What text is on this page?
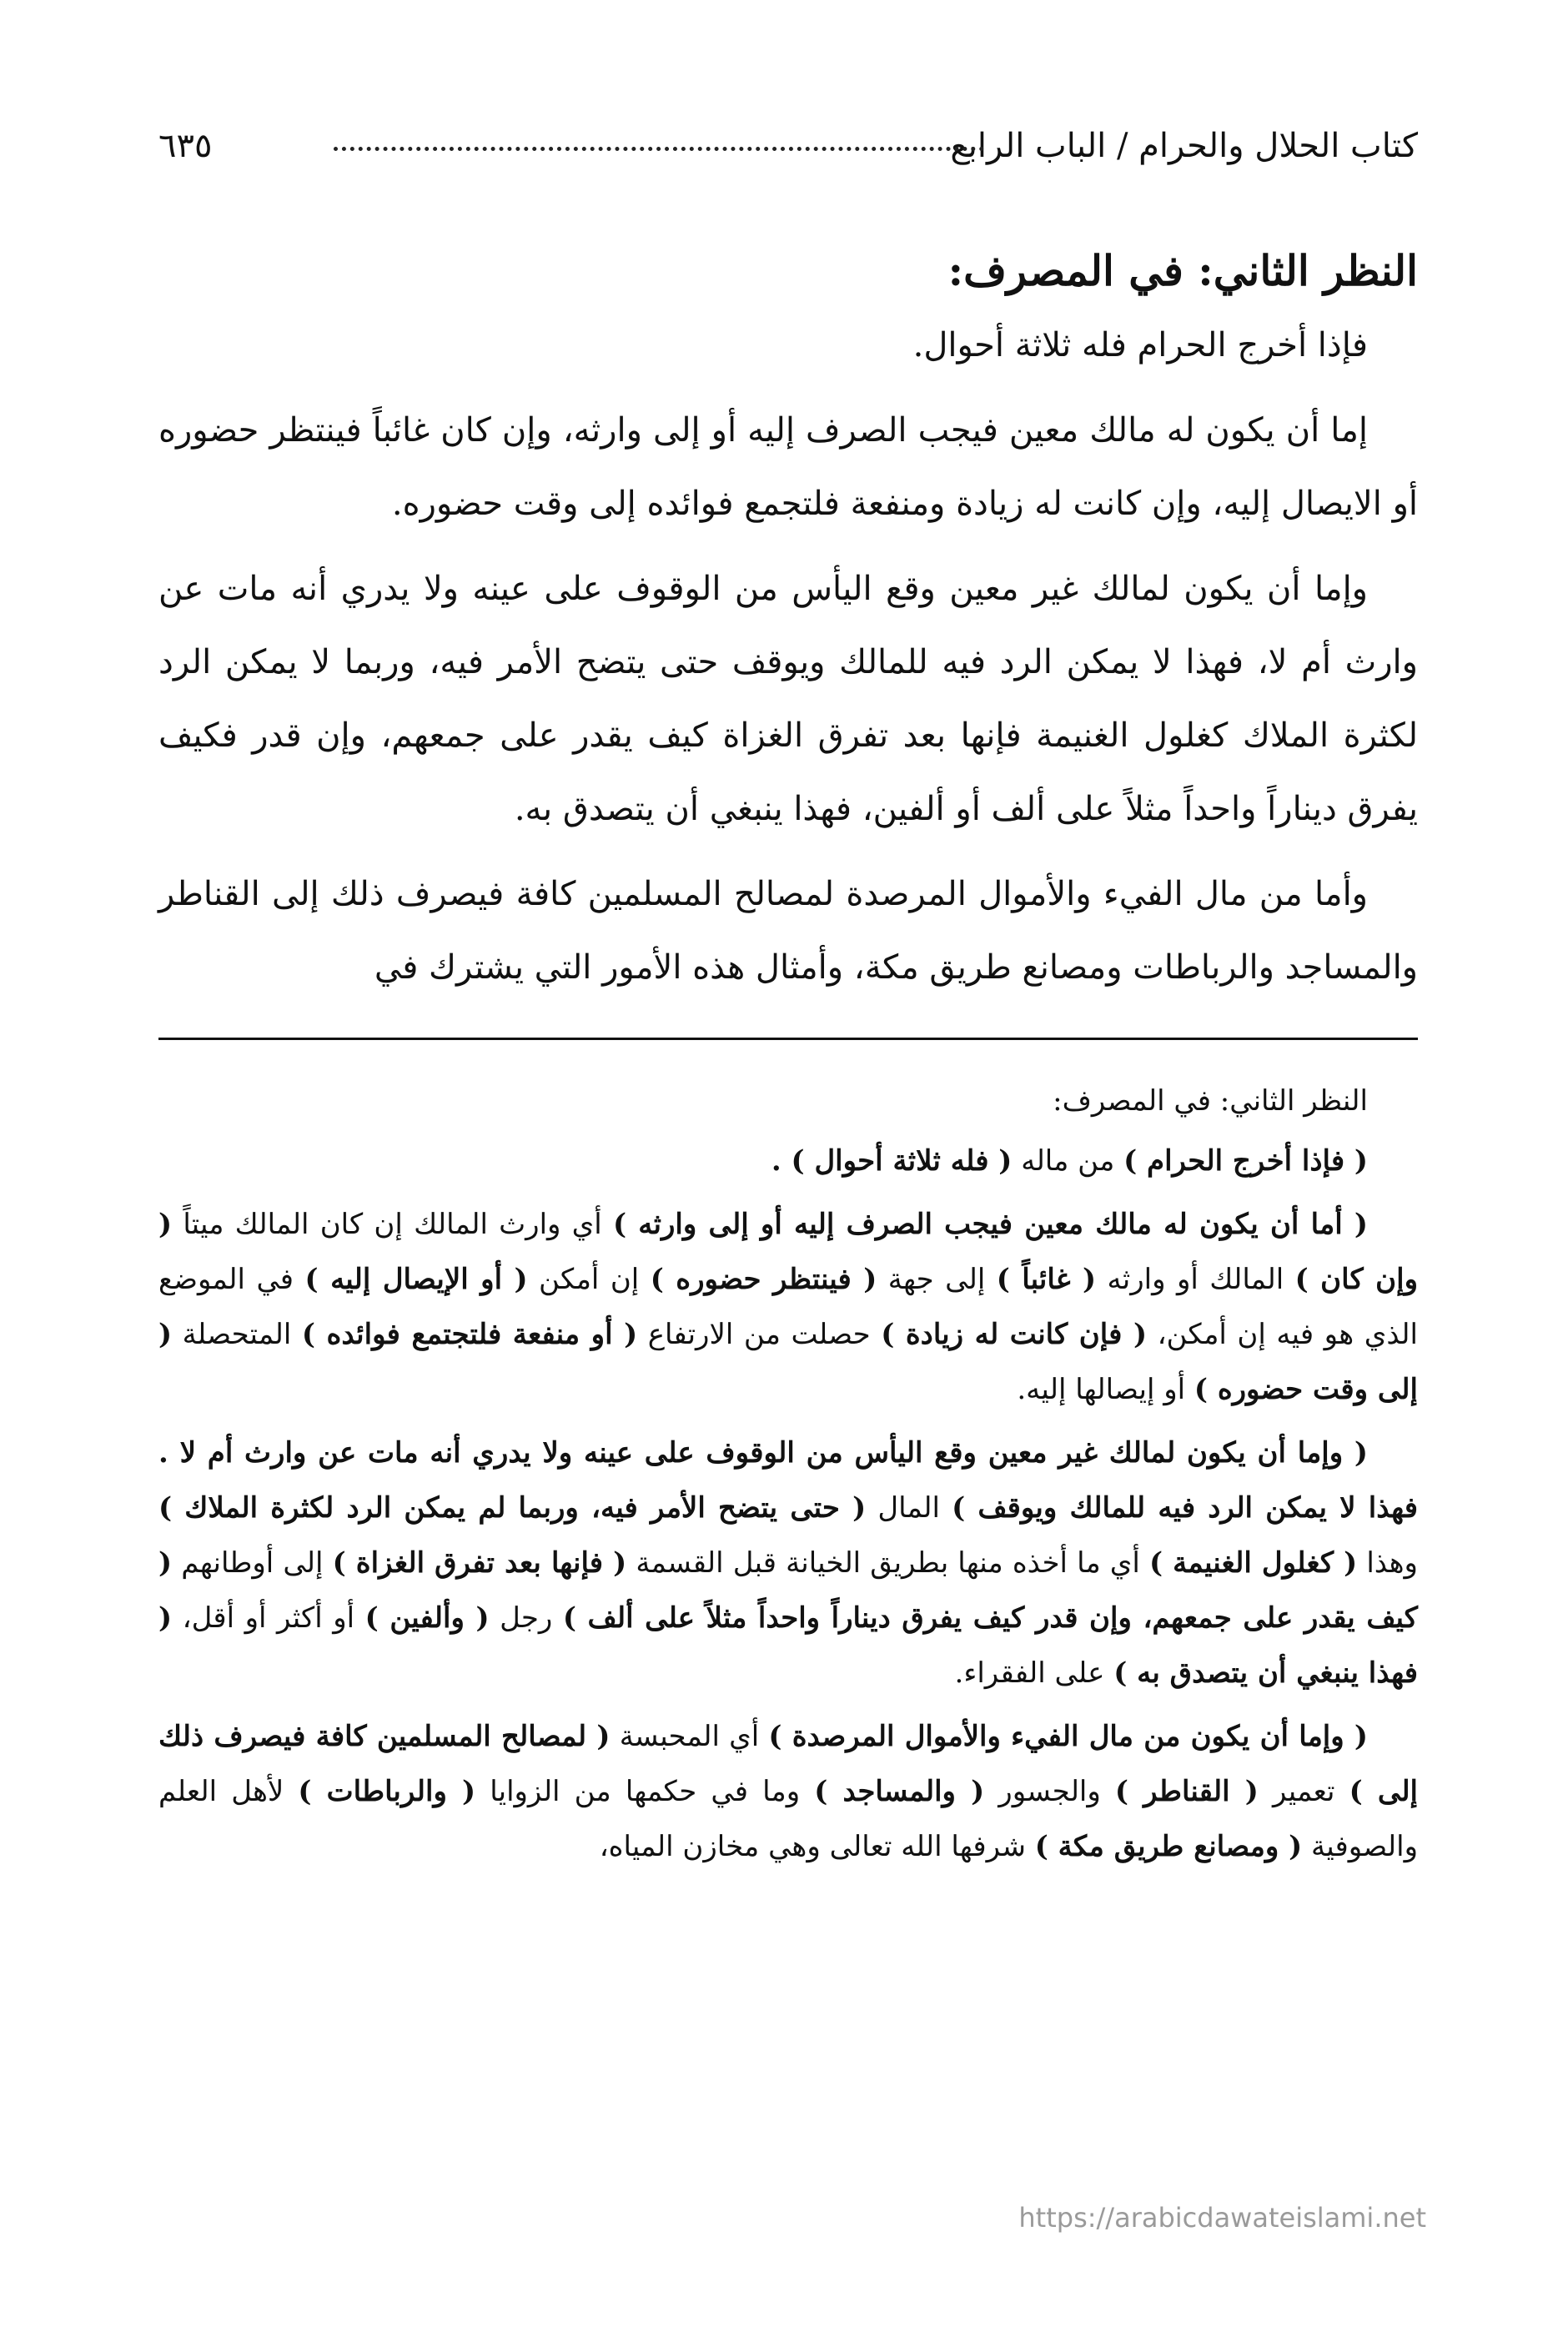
كتاب الحلال والحرام / الباب الرابع
٦٣٥
النظر الثاني: في المصرف:

فإذا أخرج الحرام فله ثلاثة أحوال.

إما أن يكون له مالك معين فيجب الصرف إليه أو إلى وارثه، وإن كان غائباً فينتظر حضوره أو الايصال إليه، وإن كانت له زيادة ومنفعة فلتجمع فوائده إلى وقت حضوره.

وإما أن يكون لمالك غير معين وقع اليأس من الوقوف على عينه ولا يدري أنه مات عن وارث أم لا، فهذا لا يمكن الرد فيه للمالك ويوقف حتى يتضح الأمر فيه، وربما لا يمكن الرد لكثرة الملاك كغلول الغنيمة فإنها بعد تفرق الغزاة كيف يقدر على جمعهم، وإن قدر فكيف يفرق ديناراً واحداً مثلاً على ألف أو ألفين، فهذا ينبغي أن يتصدق به.

وأما من مال الفيء والأموال المرصدة لمصالح المسلمين كافة فيصرف ذلك إلى القناطر والمساجد والرباطات ومصانع طريق مكة، وأمثال هذه الأمور التي يشترك في

النظر الثاني: في المصرف:

( فإذا أخرج الحرام ) من ماله ( فله ثلاثة أحوال ) .

( أما أن يكون له مالك معين فيجب الصرف إليه أو إلى وارثه ) أي وارث المالك إن كان المالك ميتاً ( وإن كان ) المالك أو وارثه ( غائباً ) إلى جهة ( فينتظر حضوره ) إن أمكن ( أو الإيصال إليه ) في الموضع الذي هو فيه إن أمكن، ( فإن كانت له زيادة ) حصلت من الارتفاع ( أو منفعة فلتجتمع فوائده ) المتحصلة ( إلى وقت حضوره ) أو إيصالها إليه.

( وإما أن يكون لمالك غير معين وقع اليأس من الوقوف على عينه ولا يدري أنه مات عن وارث أم لا . فهذا لا يمكن الرد فيه للمالك ويوقف ) المال ( حتى يتضح الأمر فيه، وربما لم يمكن الرد لكثرة الملاك ) وهذا ( كغلول الغنيمة ) أي ما أخذه منها بطريق الخيانة قبل القسمة ( فإنها بعد تفرق الغزاة ) إلى أوطانهم ( كيف يقدر على جمعهم، وإن قدر كيف يفرق ديناراً واحداً مثلاً على ألف ) رجل ( وألفين ) أو أكثر أو أقل، ( فهذا ينبغي أن يتصدق به ) على الفقراء.

( وإما أن يكون من مال الفيء والأموال المرصدة ) أي المحبسة ( لمصالح المسلمين كافة فيصرف ذلك إلى ) تعمير ( القناطر ) والجسور ( والمساجد ) وما في حكمها من الزوايا ( والرباطات ) لأهل العلم والصوفية ( ومصانع طريق مكة ) شرفها الله تعالى وهي مخازن المياه،

https://arabicdawateislami.net
